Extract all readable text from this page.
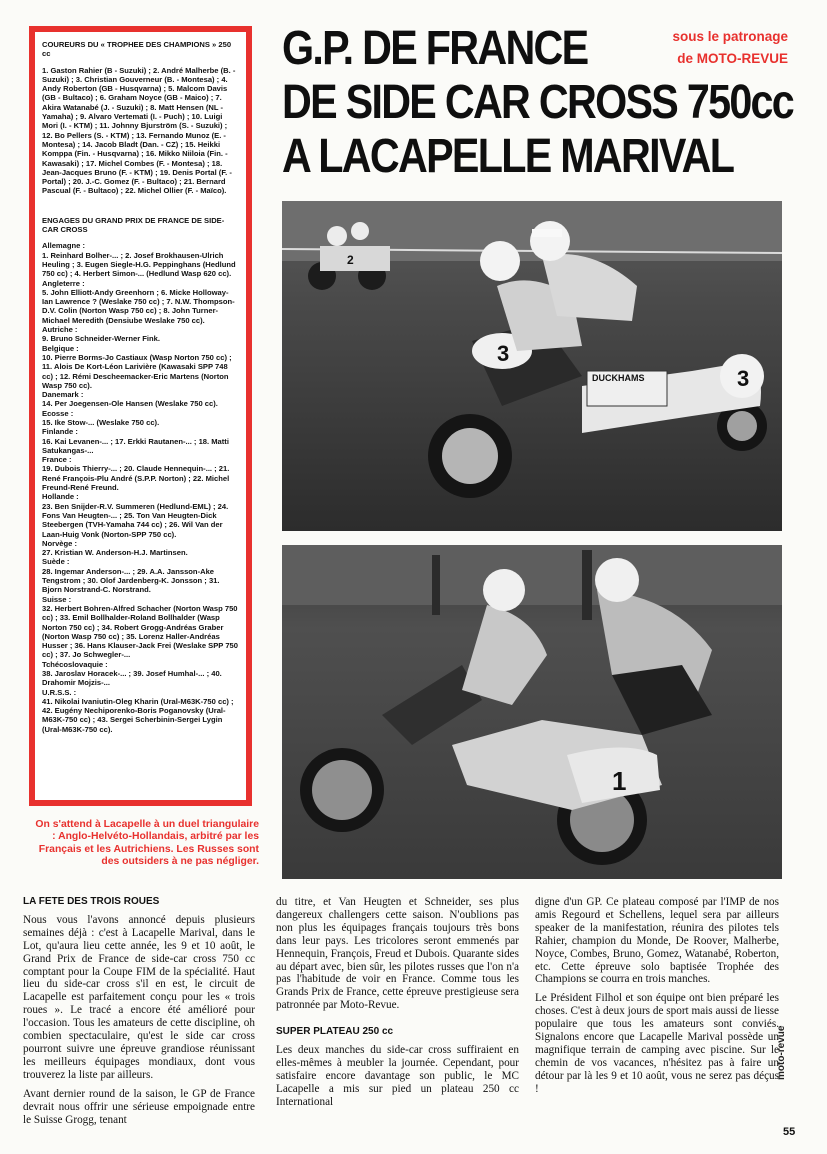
COUREURS DU « TROPHEE DES CHAMPIONS » 250 cc

1. Gaston Rahier (B - Suzuki) ; 2. André Malherbe (B. - Suzuki) ; 3. Christian Gouverneur (B. - Montesa) ; 4. Andy Roberton (GB - Husqvarna) ; 5. Malcom Davis (GB - Bultaco) ; 6. Graham Noyce (GB - Maico) ; 7. Akira Watanabé (J. - Suzuki) ; 8. Matt Hensen (NL - Yamaha) ; 9. Alvaro Vertemati (I. - Puch) ; 10. Luigi Mori (I. - KTM) ; 11. Johnny Bjurström (S. - Suzuki) ; 12. Bo Pellers (S. - KTM) ; 13. Fernando Munoz (E. - Montesa) ; 14. Jacob Bladt (Dan. - CZ) ; 15. Heikki Komppa (Fin. - Husqvarna) ; 16. Mikko Niiloia (Fin. - Kawasaki) ; 17. Michel Combes (F. - Montesa) ; 18. Jean-Jacques Bruno (F. - KTM) ; 19. Denis Portal (F. - Portal) ; 20. J.-C. Gomez (F. - Bultaco) ; 21. Bernard Pascual (F. - Bultaco) ; 22. Michel Ollier (F. - Maïco).

ENGAGES DU GRAND PRIX DE FRANCE DE SIDE-CAR CROSS

Allemagne :

1. Reinhard Bolher-... ; 2. Josef Brokhausen-Ulrich Heuling ; 3. Eugen Siegle-H.G. Peppinghans (Hedlund 750 cc) ; 4. Herbert Simon-... (Hedlund Wasp 620 cc).

Angleterre :

5. John Elliott-Andy Greenhorn ; 6. Micke Holloway-Ian Lawrence ? (Weslake 750 cc) ; 7. N.W. Thompson-D.V. Colin (Norton Wasp 750 cc) ; 8. John Turner-Michael Meredith (Densiube Weslake 750 cc).

Autriche :

9. Bruno Schneider-Werner Fink.

Belgique :

10. Pierre Borms-Jo Castiaux (Wasp Norton 750 cc) ; 11. Alois De Kort-Léon Larivière (Kawasaki SPP 748 cc) ; 12. Rémi Descheemacker-Eric Martens (Norton Wasp 750 cc).

Danemark :

14. Per Joegensen-Ole Hansen (Weslake 750 cc).

Ecosse :

15. Ike Stow-... (Weslake 750 cc).

Finlande :

16. Kai Levanen-... ; 17. Erkki Rautanen-... ; 18. Matti Satukangas-...

France :

19. Dubois Thierry-... ; 20. Claude Hennequin-... ; 21. René François-Plu André (S.P.P. Norton) ; 22. Michel Freund-René Freund.

Hollande :

23. Ben Snijder-R.V. Summeren (Hedlund-EML) ; 24. Fons Van Heugten-... ; 25. Ton Van Heugten-Dick Steebergen (TVH-Yamaha 744 cc) ; 26. Wil Van der Laan-Huig Vonk (Norton-SPP 750 cc).

Norvège :

27. Kristian W. Anderson-H.J. Martinsen.

Suède :

28. Ingemar Anderson-... ; 29. A.A. Jansson-Ake Tengstrom ; 30. Olof Jardenberg-K. Jonsson ; 31. Bjorn Norstrand-C. Norstrand.

Suisse :

32. Herbert Bohren-Alfred Schacher (Norton Wasp 750 cc) ; 33. Emil Bollhalder-Roland Bollhalder (Wasp Norton 750 cc) ; 34. Robert Grogg-Andréas Graber (Norton Wasp 750 cc) ; 35. Lorenz Haller-Andréas Husser ; 36. Hans Klauser-Jack Frei (Weslake SPP 750 cc) ; 37. Jo Schwegler-...

Tchécoslovaquie :

38. Jaroslav Horacek-... ; 39. Josef Humhal-... ; 40. Drahomir Mojzis-...

U.R.S.S. :

41. Nikolai Ivaniutin-Oleg Kharin (Ural-M63K-750 cc) ; 42. Eugény Nechiporenko-Boris Poganovsky (Ural-M63K-750 cc) ; 43. Sergei Scherbinin-Sergei Lygin (Ural-M63K-750 cc).

G.P. DE FRANCE
DE SIDE CAR CROSS 750cc
A LACAPELLE MARIVAL
sous le patronage
de MOTO-REVUE
2
DUCKHAMS	3
3
1
On s'attend à Lacapelle à un duel triangulaire : Anglo-Helvéto-Hollandais, arbitré par les Français et les Autrichiens. Les Russes sont des outsiders à ne pas négliger.
LA FETE DES TROIS ROUES

Nous vous l'avons annoncé depuis plusieurs semaines déjà : c'est à Lacapelle Marival, dans le Lot, qu'aura lieu cette année, les 9 et 10 août, le Grand Prix de France de side-car cross 750 cc comptant pour la Coupe FIM de la spécialité. Haut lieu du side-car cross s'il en est, le circuit de Lacapelle est parfaitement conçu pour les « trois roues ». Le tracé a encore été amélioré pour l'occasion. Tous les amateurs de cette discipline, oh combien spectaculaire, qu'est le side car cross pourront suivre une épreuve grandiose réunissant les meilleurs équipages mondiaux, dont vous trouverez la liste par ailleurs.

Avant dernier round de la saison, le GP de France devrait nous offrir une sérieuse empoignade entre le Suisse Grogg, tenant

du titre, et Van Heugten et Schneider, ses plus dangereux challengers cette saison. N'oublions pas non plus les équipages français toujours très bons dans leur pays. Les tricolores seront emmenés par Hennequin, François, Freud et Dubois. Quarante sides au départ avec, bien sûr, les pilotes russes que l'on n'a pas l'habitude de voir en France. Comme tous les Grands Prix de France, cette épreuve prestigieuse sera patronnée par Moto-Revue.

SUPER PLATEAU 250 cc

Les deux manches du side-car cross suffiraient en elles-mêmes à meubler la journée. Cependant, pour satisfaire encore davantage son public, le MC Lacapelle a mis sur pied un plateau 250 cc International

digne d'un GP. Ce plateau composé par l'IMP de nos amis Regourd et Schellens, lequel sera par ailleurs speaker de la manifestation, réunira des pilotes tels Rahier, champion du Monde, De Roover, Malherbe, Noyce, Combes, Bruno, Gomez, Watanabé, Roberton, etc. Cette épreuve solo baptisée Trophée des Champions se courra en trois manches.

Le Président Filhol et son équipe ont bien préparé les choses. C'est à deux jours de sport mais aussi de liesse populaire que tous les amateurs sont conviés. Signalons encore que Lacapelle Marival possède un magnifique terrain de camping avec piscine. Sur le chemin de vos vacances, n'hésitez pas à faire un détour par là les 9 et 10 août, vous ne serez pas déçus !

moto-revue
55
